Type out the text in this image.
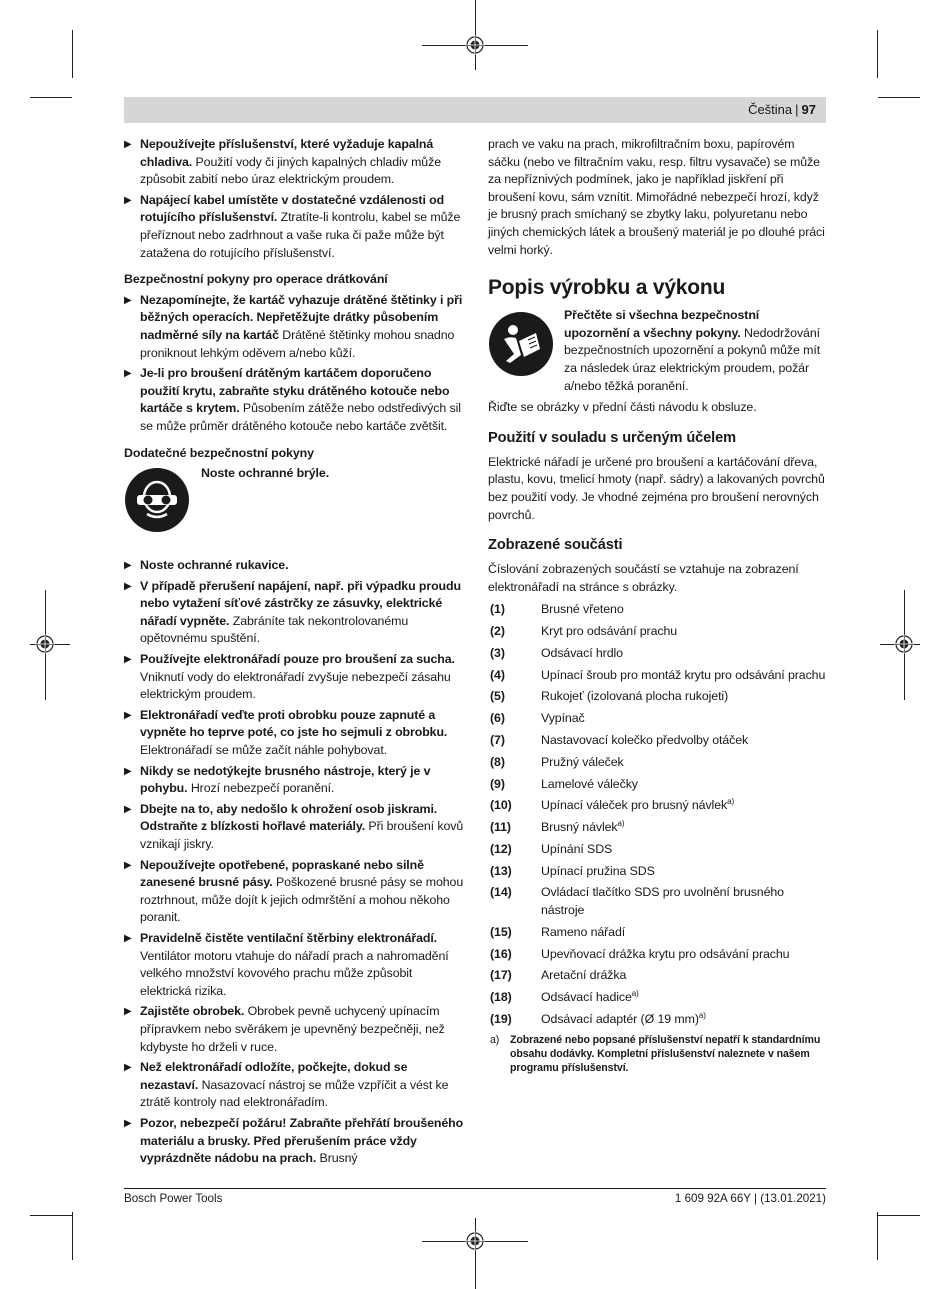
Čeština | 97
▶ Nepoužívejte příslušenství, které vyžaduje kapalná chladiva. Použití vody či jiných kapalných chladiv může způsobit zabití nebo úraz elektrickým proudem.
▶ Napájecí kabel umístěte v dostatečné vzdálenosti od rotujícího příslušenství. Ztratíte-li kontrolu, kabel se může přeříznout nebo zadrhnout a vaše ruka či paže může být zatažena do rotujícího příslušenství.
Bezpečnostní pokyny pro operace drátkování
▶ Nezapomínejte, že kartáč vyhazuje drátěné štětinky i při běžných operacích. Nepřetěžujte drátky působením nadměrné síly na kartáč Drátěné štětinky mohou snadno proniknout lehkým oděvem a/nebo kůží.
▶ Je-li pro broušení drátěným kartáčem doporučeno použití krytu, zabraňte styku drátěného kotouče nebo kartáče s krytem. Působením zátěže nebo odstředivých sil se může průměr drátěného kotouče nebo kartáče zvětšit.
Dodatečné bezpečnostní pokyny
Noste ochranné brýle.
▶ Noste ochranné rukavice.
▶ V případě přerušení napájení, např. při výpadku proudu nebo vytažení síťové zástrčky ze zásuvky, elektrické nářadí vypněte. Zabráníte tak nekontrolovanému opětovnému spuštění.
▶ Používejte elektronářadí pouze pro broušení za sucha. Vniknutí vody do elektronářadí zvyšuje nebezpečí zásahu elektrickým proudem.
▶ Elektronářadí veďte proti obrobku pouze zapnuté a vypněte ho teprve poté, co jste ho sejmuli z obrobku. Elektronářadí se může začít náhle pohybovat.
▶ Nikdy se nedotýkejte brusného nástroje, který je v pohybu. Hrozí nebezpečí poranění.
▶ Dbejte na to, aby nedošlo k ohrožení osob jiskrami. Odstraňte z blízkosti hořlavé materiály. Při broušení kovů vznikají jiskry.
▶ Nepoužívejte opotřebené, popraskané nebo silně zanesené brusné pásy. Poškozené brusné pásy se mohou roztrhnout, může dojít k jejich odmrštění a mohou někoho poranit.
▶ Pravidelně čistěte ventilační štěrbiny elektronářadí. Ventilátor motoru vtahuje do nářadí prach a nahromadění velkého množství kovového prachu může způsobit elektrická rizika.
▶ Zajistěte obrobek. Obrobek pevně uchycený upínacím přípravkem nebo svěrákem je upevněný bezpečněji, než kdybyste ho drželi v ruce.
▶ Než elektronářadí odložíte, počkejte, dokud se nezastaví. Nasazovací nástroj se může vzpříčit a vést ke ztrátě kontroly nad elektronářadím.
▶ Pozor, nebezpečí požáru! Zabraňte přehřátí broušeného materiálu a brusky. Před přerušením práce vždy vyprázdněte nádobu na prach. Brusný
prach ve vaku na prach, mikrofiltračním boxu, papírovém sáčku (nebo ve filtračním vaku, resp. filtru vysavače) se může za nepříznivých podmínek, jako je například jiskření při broušení kovu, sám vznítit. Mimořádné nebezpečí hrozí, když je brusný prach smíchaný se zbytky laku, polyuretanu nebo jiných chemických látek a broušený materiál je po dlouhé práci velmi horký.
Popis výrobku a výkonu
Přečtěte si všechna bezpečnostní upozornění a všechny pokyny. Nedodržování bezpečnostních upozornění a pokynů může mít za následek úraz elektrickým proudem, požár a/nebo těžká poranění.
Řiďte se obrázky v přední části návodu k obsluze.
Použití v souladu s určeným účelem
Elektrické nářadí je určené pro broušení a kartáčování dřeva, plastu, kovu, tmelicí hmoty (např. sádry) a lakovaných povrchů bez použití vody. Je vhodné zejména pro broušení nerovných povrchů.
Zobrazené součásti
Číslování zobrazených součástí se vztahuje na zobrazení elektronářadí na stránce s obrázky.
(1)	Brusné vřeteno
(2)	Kryt pro odsávání prachu
(3)	Odsávací hrdlo
(4)	Upínací šroub pro montáž krytu pro odsávání prachu
(5)	Rukojeť (izolovaná plocha rukojeti)
(6)	Vypínač
(7)	Nastavovací kolečko předvolby otáček
(8)	Pružný váleček
(9)	Lamelové válečky
(10)	Upínací váleček pro brusný návlek$^{a)}$
(11)	Brusný návlek$^{a)}$
(12)	Upínání SDS
(13)	Upínací pružina SDS
(14)	Ovládací tlačítko SDS pro uvolnění brusného nástroje
(15)	Rameno nářadí
(16)	Upevňovací drážka krytu pro odsávání prachu
(17)	Aretační drážka
(18)	Odsávací hadice$^{a)}$
(19)	Odsávací adaptér (Ø 19 mm)$^{a)}$
a)	Zobrazené nebo popsané příslušenství nepatří k standardnímu obsahu dodávky. Kompletní příslušenství naleznete v našem programu příslušenství.
Bosch Power Tools	1 609 92A 66Y | (13.01.2021)
